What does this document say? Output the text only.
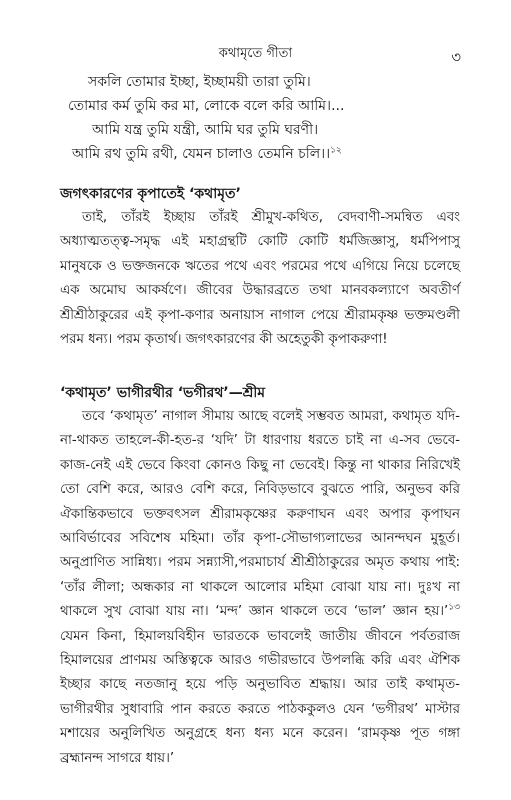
কথামৃতে গীতা	৩
সকলি তোমার ইচ্ছা, ইচ্ছাময়ী তারা তুমি।
তোমার কর্ম তুমি কর মা, লোকে বলে করি আমি।...
আমি যন্ত্র তুমি যন্ত্রী, আমি ঘর তুমি ঘরণী।
আমি রথ তুমি রথী, যেমন চালাও তেমনি চলি।।$^{১২}$
জগৎকারণের কৃপাতেই ‘কথামৃত’

তাই, তাঁরই ইচ্ছায় তাঁরই শ্রীমুখ-কথিত, বেদবাণী-সমন্বিত এবং অধ্যাত্মতত্ত্ব-সমৃদ্ধ এই মহাগ্রন্থটি কোটি কোটি ধর্মজিজ্ঞাসু, ধর্মপিপাসু মানুষকে ও ভক্তজনকে ঋতের পথে এবং পরমের পথে এগিয়ে নিয়ে চলেছে এক অমোঘ আকর্ষণে। জীবের উদ্ধারব্রতে তথা মানবকল্যাণে অবতীর্ণ শ্রীশ্রীঠাকুরের এই কৃপা-কণার অনায়াস নাগাল পেয়ে শ্রীরামকৃষ্ণ ভক্তমণ্ডলী পরম ধন্য। পরম কৃতার্থ। জগৎকারণের কী অহেতুকী কৃপাকরুণা!

‘কথামৃত’ ভাগীরথীর ‘ভগীরথ’—শ্রীম

তবে ‘কথামৃত’ নাগাল সীমায় আছে বলেই সম্ভবত আমরা, কথামৃত যদি-না-থাকত তাহলে-কী-হত-র ‘যদি’ টা ধারণায় ধরতে চাই না এ-সব ভেবে-কাজ-নেই এই ভেবে কিংবা কোনও কিছু না ভেবেই। কিন্তু না থাকার নিরিখেই তো বেশি করে, আরও বেশি করে, নিবিড়ভাবে বুঝতে পারি, অনুভব করি ঐকান্তিকভাবে ভক্তবৎসল শ্রীরামকৃষ্ণের করুণাঘন এবং অপার কৃপাঘন আবির্ভাবের সবিশেষ মহিমা। তাঁর কৃপা-সৌভাগ্যলাভের আনন্দঘন মুহূর্ত। অনুপ্রাণিত সান্নিধ্য। পরম সন্ন্যাসী,পরমাচার্য শ্রীশ্রীঠাকুরের অমৃত কথায় পাই: ‘তাঁর লীলা; অন্ধকার না থাকলে আলোর মহিমা বোঝা যায় না। দুঃখ না থাকলে সুখ বোঝা যায় না। ‘মন্দ’ জ্ঞান থাকলে তবে ‘ভাল’ জ্ঞান হয়।’$^{১৩}$ যেমন কিনা, হিমালয়বিহীন ভারতকে ভাবলেই জাতীয় জীবনে পর্বতরাজ হিমালয়ের প্রাণময় অস্তিত্বকে আরও গভীরভাবে উপলব্ধি করি এবং ঐশিক ইচ্ছার কাছে নতজানু হয়ে পড়ি অনুভাবিত শ্রদ্ধায়। আর তাই কথামৃত-ভাগীরথীর সুধাবারি পান করতে করতে পাঠককুলও যেন ‘ভগীরথ’ মাস্টার মশায়ের অনুলিখিত অনুগ্রহে ধন্য ধন্য মনে করেন। ‘রামকৃষ্ণ পূত গঙ্গা ব্রহ্মানন্দ সাগরে ধায়।’
